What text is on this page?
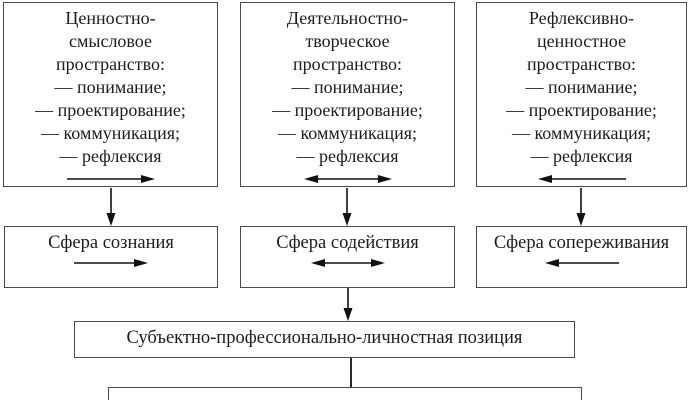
Ценностно-
смысловое
пространство:
— понимание;
— проектирование;
— коммуникация;
— рефлексия
Деятельностно-
творческое
пространство:
— понимание;
— проектирование;
— коммуникация;
— рефлексия
Рефлексивно-
ценностное
пространство:
— понимание;
— проектирование;
— коммуникация;
— рефлексия
Сфера сознания	Сфера содействия	Сфера сопереживания
Субъектно-профессионально-личностная позиция
